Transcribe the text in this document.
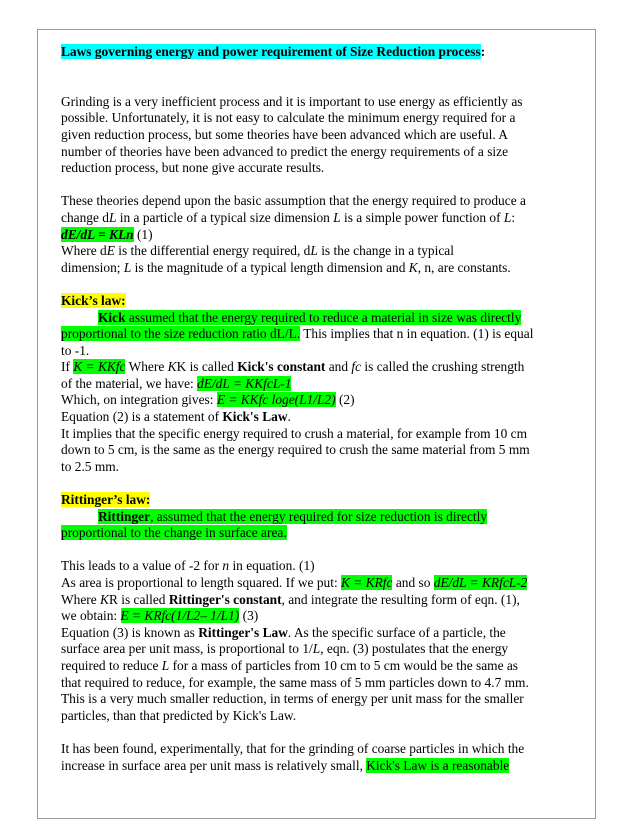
Laws governing energy and power requirement of Size Reduction process:

Grinding is a very inefficient process and it is important to use energy as efficiently as

possible. Unfortunately, it is not easy to calculate the minimum energy required for a

given reduction process, but some theories have been advanced which are useful. A

number of theories have been advanced to predict the energy requirements of a size

reduction process, but none give accurate results.

These theories depend upon the basic assumption that the energy required to produce a

change dL in a particle of a typical size dimension L is a simple power function of L:

dE/dL = KLn (1)

Where dE is the differential energy required, dL is the change in a typical

dimension; L is the magnitude of a typical length dimension and K, n, are constants.

Kick’s law:

Kick assumed that the energy required to reduce a material in size was directly

proportional to the size reduction ratio dL/L. This implies that n in equation. (1) is equal

to -1.

If K = KKfc Where KK is called Kick's constant and fc is called the crushing strength

of the material, we have: dE/dL = KKfcL-1

Which, on integration gives: E = KKfc loge(L1/L2) (2)

Equation (2) is a statement of Kick's Law.

It implies that the specific energy required to crush a material, for example from 10 cm

down to 5 cm, is the same as the energy required to crush the same material from 5 mm

to 2.5 mm.

Rittinger’s law:

Rittinger, assumed that the energy required for size reduction is directly

proportional to the change in surface area.

This leads to a value of -2 for n in equation. (1)

As area is proportional to length squared. If we put: K = KRfc and so dE/dL = KRfcL-2

Where KR is called Rittinger's constant, and integrate the resulting form of eqn. (1),

we obtain: E = KRfc(1/L2– 1/L1) (3)

Equation (3) is known as Rittinger's Law. As the specific surface of a particle, the

surface area per unit mass, is proportional to 1/L, eqn. (3) postulates that the energy

required to reduce L for a mass of particles from 10 cm to 5 cm would be the same as

that required to reduce, for example, the same mass of 5 mm particles down to 4.7 mm.

This is a very much smaller reduction, in terms of energy per unit mass for the smaller

particles, than that predicted by Kick's Law.

It has been found, experimentally, that for the grinding of coarse particles in which the

increase in surface area per unit mass is relatively small, Kick's Law is a reasonable
